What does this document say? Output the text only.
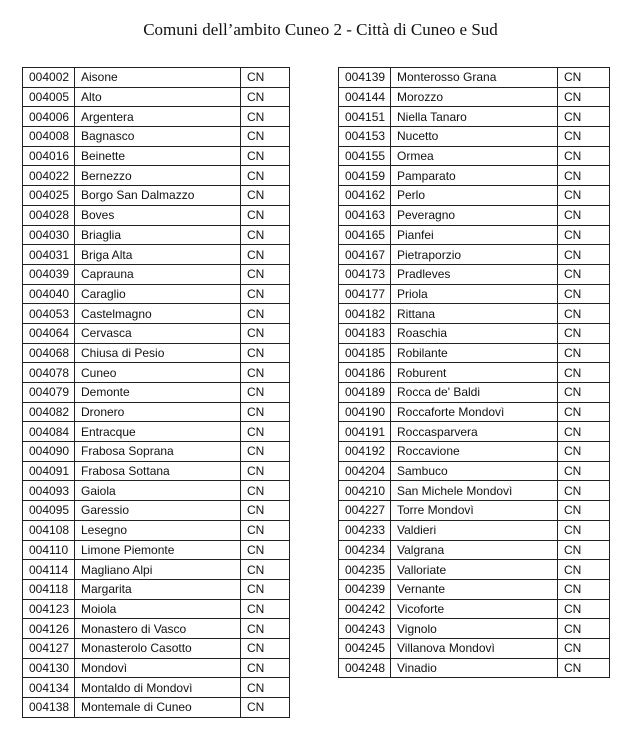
Comuni dell’ambito Cuneo 2 - Città di Cuneo e Sud
004002	Aisone	CN
004005	Alto	CN
004006	Argentera	CN
004008	Bagnasco	CN
004016	Beinette	CN
004022	Bernezzo	CN
004025	Borgo San Dalmazzo	CN
004028	Boves	CN
004030	Briaglia	CN
004031	Briga Alta	CN
004039	Caprauna	CN
004040	Caraglio	CN
004053	Castelmagno	CN
004064	Cervasca	CN
004068	Chiusa di Pesio	CN
004078	Cuneo	CN
004079	Demonte	CN
004082	Dronero	CN
004084	Entracque	CN
004090	Frabosa Soprana	CN
004091	Frabosa Sottana	CN
004093	Gaiola	CN
004095	Garessio	CN
004108	Lesegno	CN
004110	Limone Piemonte	CN
004114	Magliano Alpi	CN
004118	Margarita	CN
004123	Moiola	CN
004126	Monastero di Vasco	CN
004127	Monasterolo Casotto	CN
004130	Mondovì	CN
004134	Montaldo di Mondovì	CN
004138	Montemale di Cuneo	CN
004139	Monterosso Grana	CN
004144	Morozzo	CN
004151	Niella Tanaro	CN
004153	Nucetto	CN
004155	Ormea	CN
004159	Pamparato	CN
004162	Perlo	CN
004163	Peveragno	CN
004165	Pianfei	CN
004167	Pietraporzio	CN
004173	Pradleves	CN
004177	Priola	CN
004182	Rittana	CN
004183	Roaschia	CN
004185	Robilante	CN
004186	Roburent	CN
004189	Rocca de' Baldi	CN
004190	Roccaforte Mondovì	CN
004191	Roccasparvera	CN
004192	Roccavione	CN
004204	Sambuco	CN
004210	San Michele Mondovì	CN
004227	Torre Mondovì	CN
004233	Valdieri	CN
004234	Valgrana	CN
004235	Valloriate	CN
004239	Vernante	CN
004242	Vicoforte	CN
004243	Vignolo	CN
004245	Villanova Mondovì	CN
004248	Vinadio	CN
